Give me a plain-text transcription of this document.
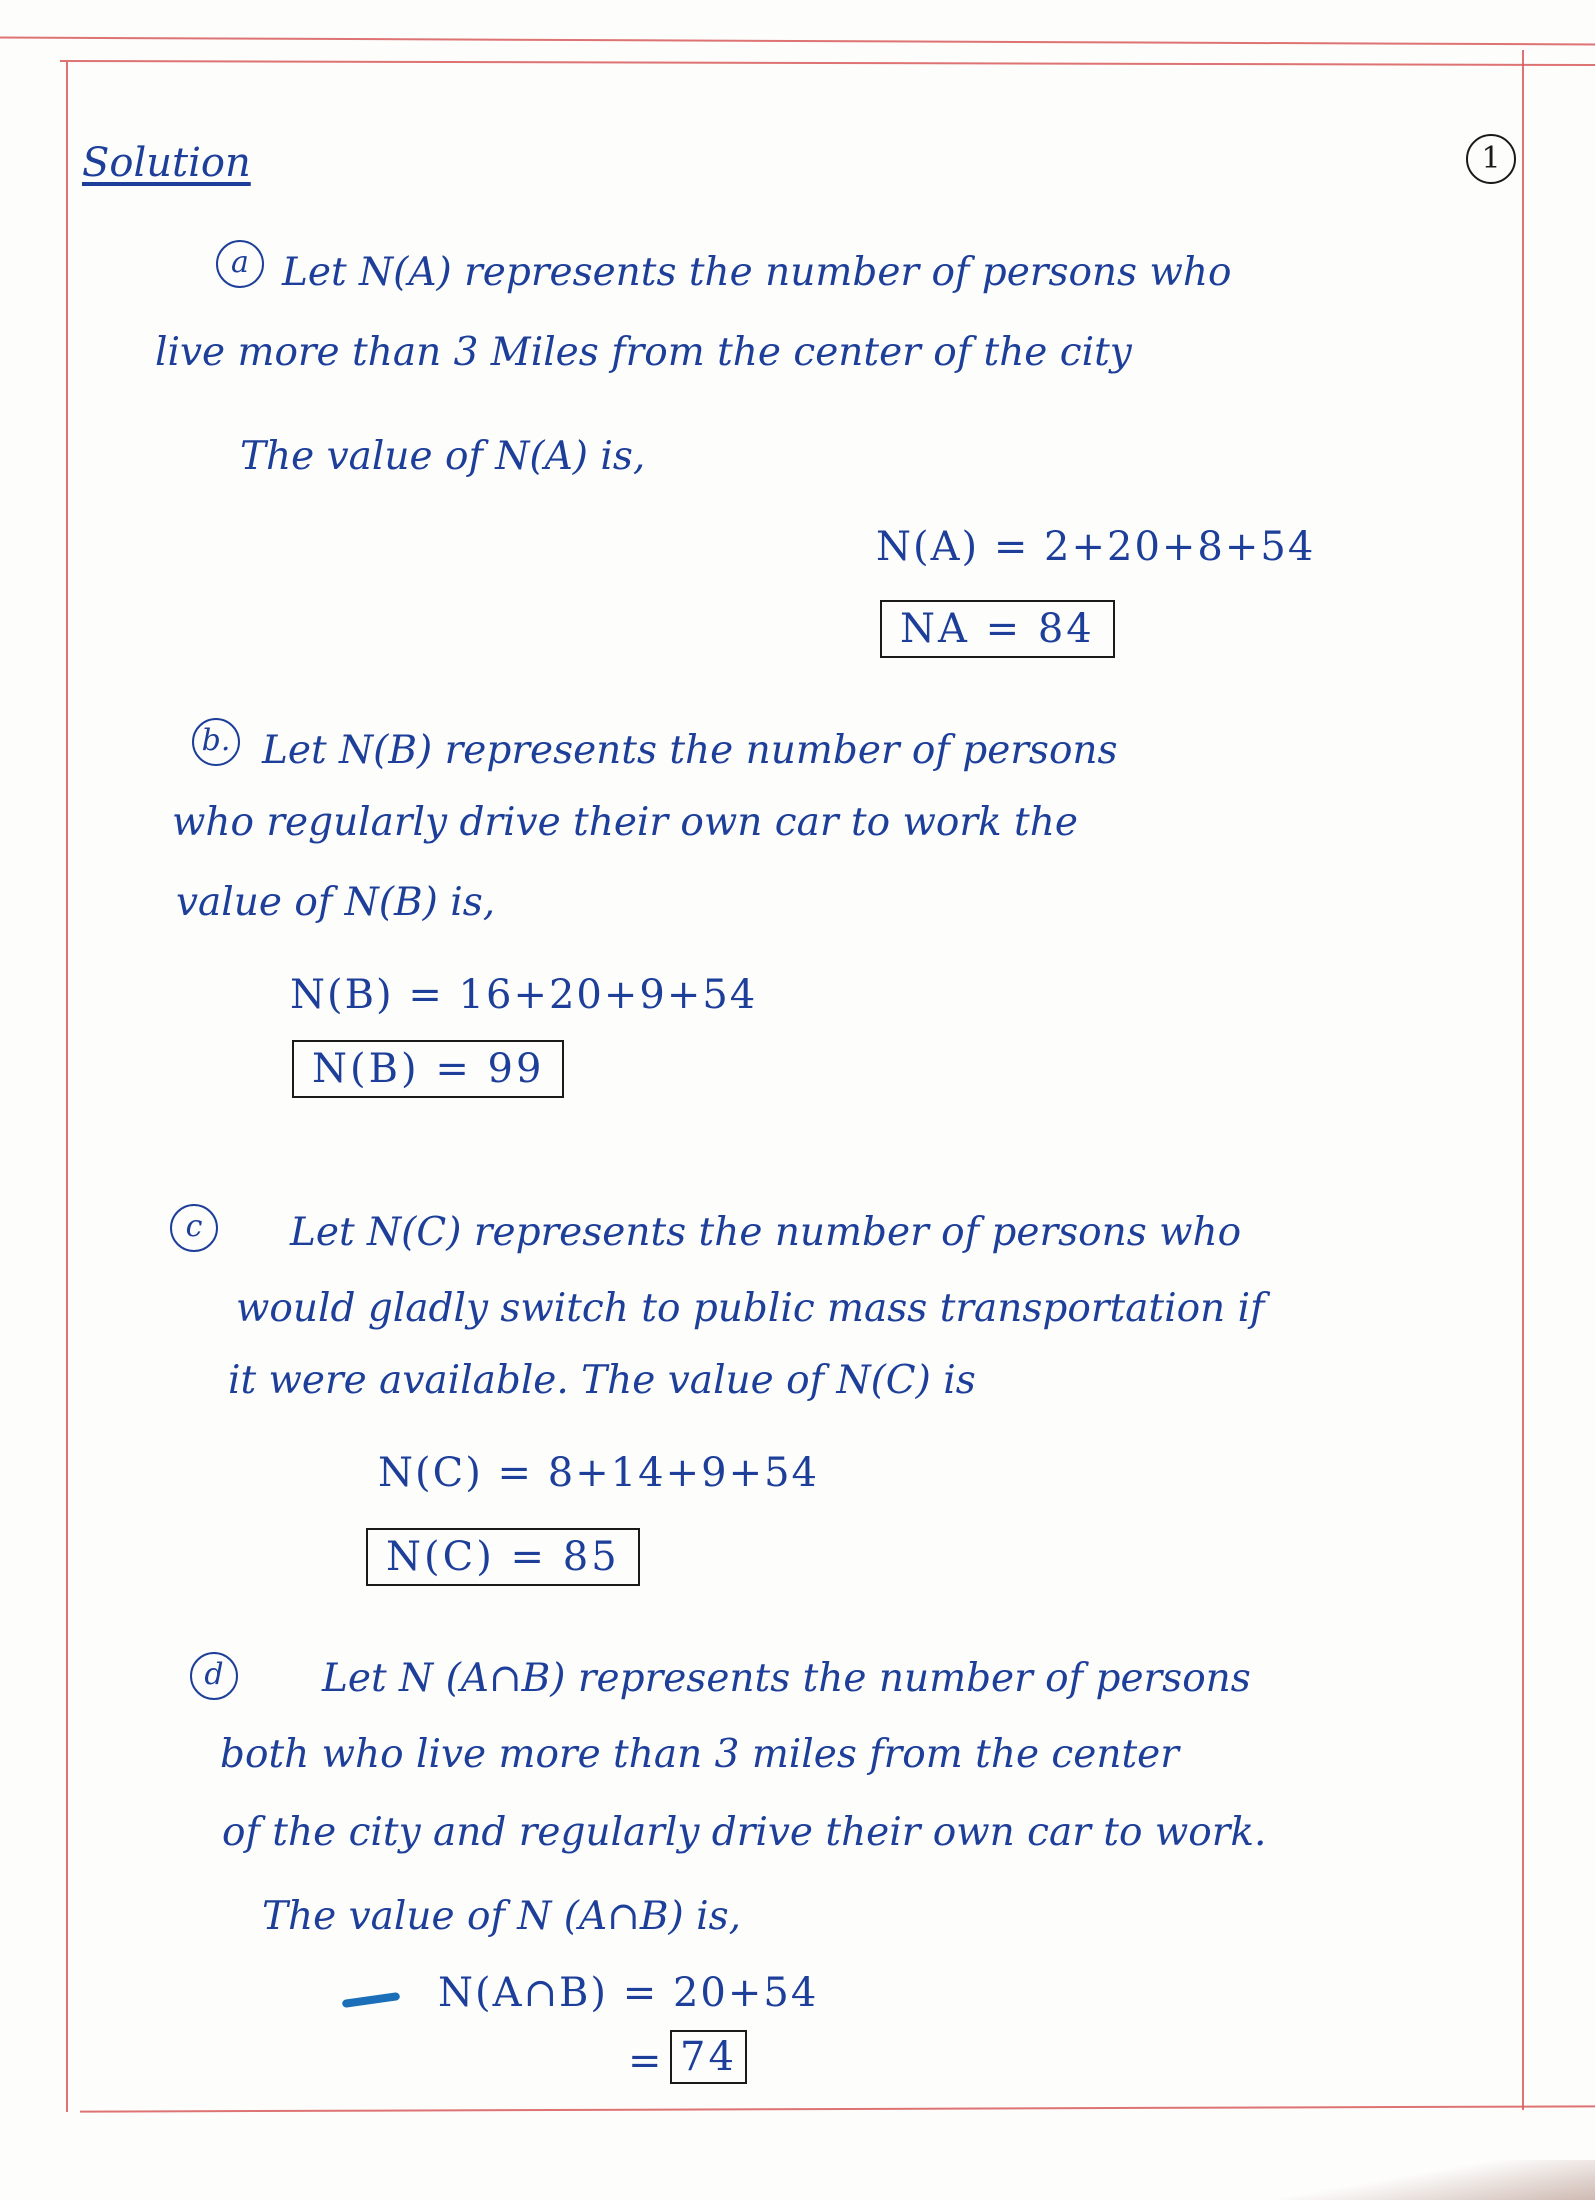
Solution	1
a Let N(A) represents the number of persons who
live more than 3 Miles from the center of the city
The value of N(A) is,
N(A) = 2+20+8+54
NA = 84
b. Let N(B) represents the number of persons
who regularly drive their own car to work the
value of N(B) is,
N(B) = 16+20+9+54
N(B) = 99
c	Let N(C) represents the number of persons who
would gladly switch to public mass transportation if
it were available. The value of N(C) is
N(C) = 8+14+9+54
N(C) = 85
d	Let N (A∩B) represents the number of persons
both who live more than 3 miles from the center
of the city and regularly drive their own car to work.
The value of N (A∩B) is,
N(A∩B) = 20+54
= 74
